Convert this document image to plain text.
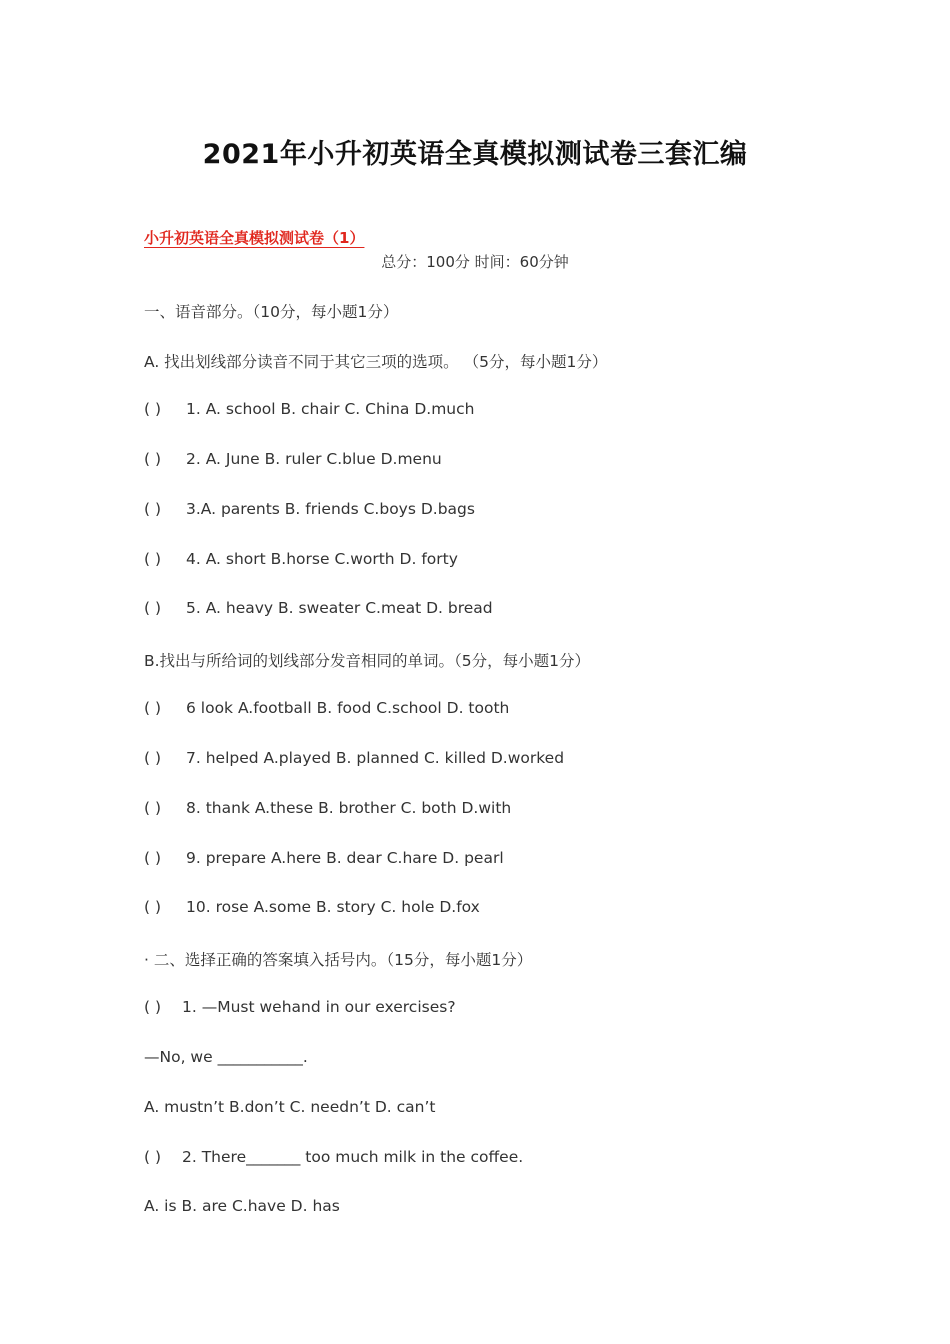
2021年小升初英语全真模拟测试卷三套汇编
小升初英语全真模拟测试卷（1）
总分：100分 时间：60分钟
一、语音部分。（10分，每小题1分）
A. 找出划线部分读音不同于其它三项的选项。 （5分，每小题1分）
( ) 1. A. school B. chair C. China D.much
( ) 2. A. June B. ruler C.blue D.menu
( ) 3.A. parents B. friends C.boys D.bags
( ) 4. A. short B.horse C.worth D. forty
( ) 5. A. heavy B. sweater C.meat D. bread
B.找出与所给词的划线部分发音相同的单词。（5分，每小题1分）
( ) 6 look A.football B. food C.school D. tooth
( ) 7. helped A.played B. planned C. killed D.worked
( ) 8. thank A.these B. brother C. both D.with
( ) 9. prepare A.here B. dear C.hare D. pearl
( ) 10. rose A.some B. story C. hole D.fox
· 二、选择正确的答案填入括号内。（15分，每小题1分）
( ) 1. —Must wehand in our exercises?
—No, we ___________.
A. mustn’t B.don’t C. needn’t D. can’t
( ) 2. There_______ too much milk in the coffee.
A. is B. are C.have D. has
